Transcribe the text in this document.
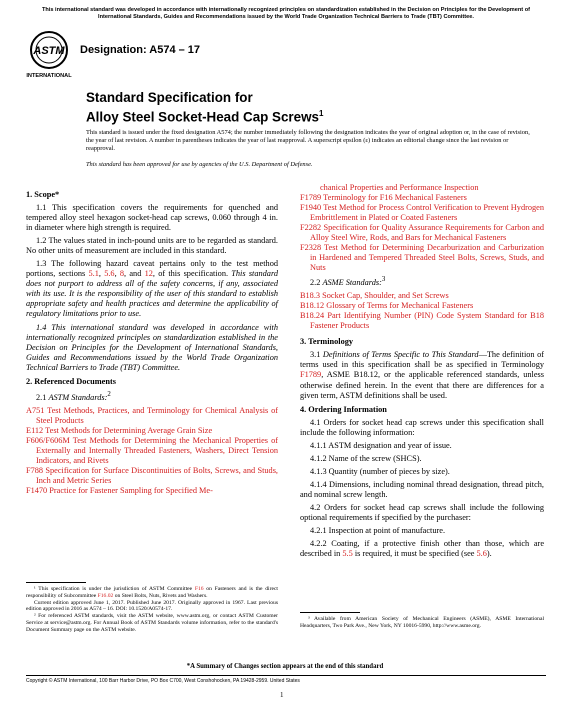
This international standard was developed in accordance with internationally recognized principles on standardization established in the Decision on Principles for the Development of International Standards, Guides and Recommendations issued by the World Trade Organization Technical Barriers to Trade (TBT) Committee.
ASTM
INTERNATIONAL
Designation: A574 – 17
Standard Specification for
Alloy Steel Socket-Head Cap Screws$^1$
This standard is issued under the fixed designation A574; the number immediately following the designation indicates the year of original adoption or, in the case of revision, the year of last revision. A number in parentheses indicates the year of last reapproval. A superscript epsilon (ε) indicates an editorial change since the last revision or reapproval.
This standard has been approved for use by agencies of the U.S. Department of Defense.
1. Scope*

1.1 This specification covers the requirements for quenched and tempered alloy steel hexagon socket-head cap screws, 0.060 through 4 in. in diameter where high strength is required.

1.2 The values stated in inch-pound units are to be regarded as standard. No other units of measurement are included in this standard.

1.3 The following hazard caveat pertains only to the test method portions, sections 5.1, 5.6, 8, and 12, of this specification. This standard does not purport to address all of the safety concerns, if any, associated with its use. It is the responsibility of the user of this standard to establish appropriate safety and health practices and determine the applicability of regulatory limitations prior to use.

1.4 This international standard was developed in accordance with internationally recognized principles on standardization established in the Decision on Principles for the Development of International Standards, Guides and Recommendations issued by the World Trade Organization Technical Barriers to Trade (TBT) Committee.

2. Referenced Documents

2.1 ASTM Standards:$^2$

A751 Test Methods, Practices, and Terminology for Chemical Analysis of Steel Products
E112 Test Methods for Determining Average Grain Size
F606/F606M Test Methods for Determining the Mechanical Properties of Externally and Internally Threaded Fasteners, Washers, Direct Tension Indicators, and Rivets
F788 Specification for Surface Discontinuities of Bolts, Screws, and Studs, Inch and Metric Series
F1470 Practice for Fastener Sampling for Specified Me-
chanical Properties and Performance Inspection
F1789 Terminology for F16 Mechanical Fasteners
F1940 Test Method for Process Control Verification to Prevent Hydrogen Embrittlement in Plated or Coated Fasteners
F2282 Specification for Quality Assurance Requirements for Carbon and Alloy Steel Wire, Rods, and Bars for Mechanical Fasteners
F2328 Test Method for Determining Decarburization and Carburization in Hardened and Tempered Threaded Steel Bolts, Screws, Studs, and Nuts

2.2 ASME Standards:$^3$

B18.3 Socket Cap, Shoulder, and Set Screws
B18.12 Glossary of Terms for Mechanical Fasteners
B18.24 Part Identifying Number (PIN) Code System Standard for B18 Fastener Products
3. Terminology

3.1 Definitions of Terms Specific to This Standard—The definition of terms used in this specification shall be as specified in Terminology F1789, ASME B18.12, or the applicable referenced standards, unless otherwise defined herein. In the event that there are differences for a given term, ASTM definitions shall be used.

4. Ordering Information

4.1 Orders for socket head cap screws under this specification shall include the following information:

4.1.1 ASTM designation and year of issue.

4.1.2 Name of the screw (SHCS).

4.1.3 Quantity (number of pieces by size).

4.1.4 Dimensions, including nominal thread designation, thread pitch, and nominal screw length.

4.2 Orders for socket head cap screws shall include the following optional requirements if specified by the purchaser:

4.2.1 Inspection at point of manufacture.

4.2.2 Coating, if a protective finish other than those, which are described in 5.5 is required, it must be specified (see 5.6).

¹ This specification is under the jurisdiction of ASTM Committee F16 on Fasteners and is the direct responsibility of Subcommittee F16.02 on Steel Bolts, Nuts, Rivets and Washers.
Current edition approved June 1, 2017. Published June 2017. Originally approved in 1967. Last previous edition approved in 2016 as A574 – 16. DOI: 10.1520/A0574-17.
² For referenced ASTM standards, visit the ASTM website, www.astm.org, or contact ASTM Customer Service at service@astm.org. For Annual Book of ASTM Standards volume information, refer to the standard's Document Summary page on the ASTM website.
³ Available from American Society of Mechanical Engineers (ASME), ASME International Headquarters, Two Park Ave., New York, NY 10016-5990, http://www.asme.org.
*A Summary of Changes section appears at the end of this standard
Copyright © ASTM International, 100 Barr Harbor Drive, PO Box C700, West Conshohocken, PA 19428-2959. United States
1
